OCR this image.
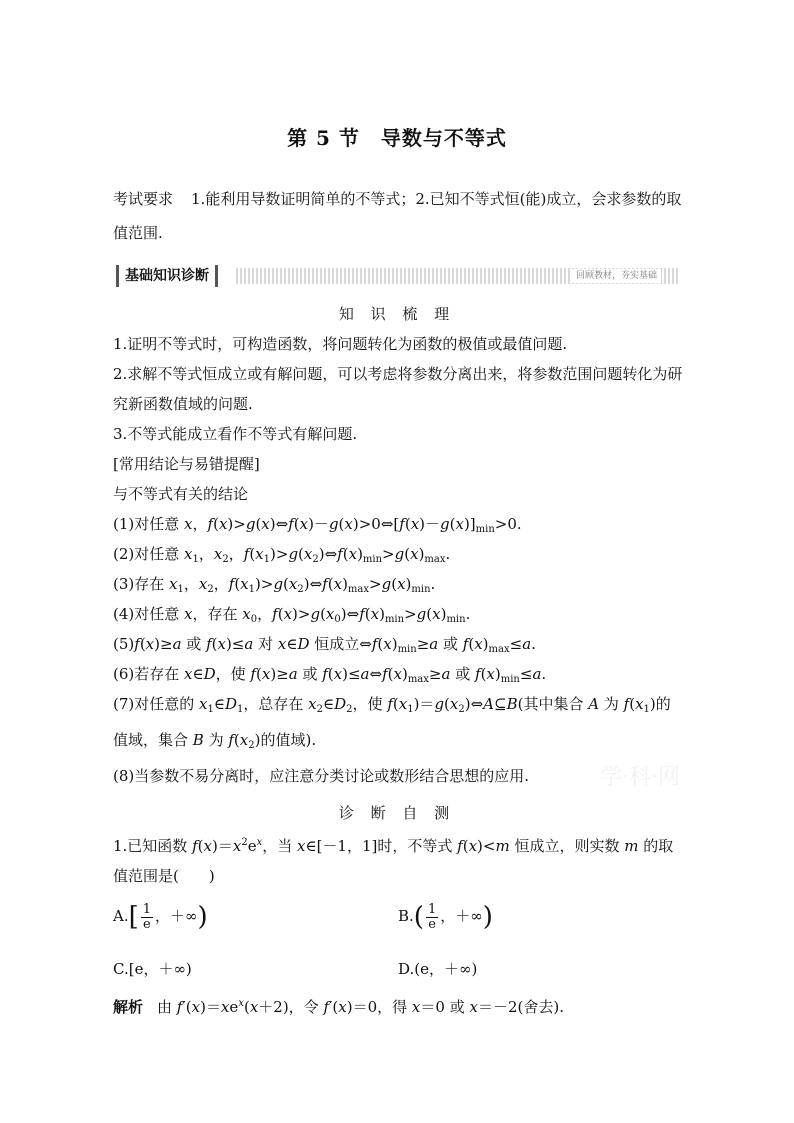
第 5 节　导数与不等式
考试要求 1.能利用导数证明简单的不等式；2.已知不等式恒(能)成立，会求参数的取值范围.
基础知识诊断	回顾教材，夯实基础
知 识 梳 理
1.证明不等式时，可构造函数，将问题转化为函数的极值或最值问题.
2.求解不等式恒成立或有解问题，可以考虑将参数分离出来，将参数范围问题转化为研究新函数值域的问题.
3.不等式能成立看作不等式有解问题.
[常用结论与易错提醒]
与不等式有关的结论
(1)对任意 x，$f(x)>g(x)\Leftrightarrow f(x)-g(x)>0\Leftrightarrow[f(x)-g(x)]_{min}>0$.
(2)对任意 $x_1$，$x_2$，$f(x_1)>g(x_2)\Leftrightarrow f(x)_{min}>g(x)_{max}$.
(3)存在 $x_1$，$x_2$，$f(x_1)>g(x_2)\Leftrightarrow f(x)_{max}>g(x)_{min}$.
(4)对任意 x，存在 $x_0$，$f(x)>g(x_0)\Leftrightarrow f(x)_{min}>g(x)_{min}$.
(5)f(x)≥a 或 f(x)≤a 对 x∈D 恒成立$\Leftrightarrow f(x)_{min}\ge a$ 或 $f(x)_{max}\le a$.
(6)若存在 x∈D，使 f(x)≥a 或 $f(x)\le a\Leftrightarrow f(x)_{max}\ge a$ 或 $f(x)_{min}\le a$.
(7)对任意的 $x_1\in D_1$，总存在 $x_2\in D_2$，使 $f(x_1)=g(x_2)\Leftrightarrow A⊆B$(其中集合 A 为 $f(x_1)$的值域，集合 B 为 $f(x_2)$的值域).
(8)当参数不易分离时，应注意分类讨论或数形结合思想的应用.
诊 断 自 测
1.已知函数 $f(x)=x^2e^x$，当 x∈[－1，1]时，不等式 f(x)<m 恒成立，则实数 m 的取值范围是(　　)
$A.[ \frac{1}{e}$ ，＋∞)	$B.( \frac{1}{e}$ ，＋∞)
C.[e，＋∞)	D.(e，＋∞)
解析 由 $f'(x)=xe^x(x+2)$，令 f′(x)＝0，得 x＝0 或 x＝－2(舍去).
学·科·网
